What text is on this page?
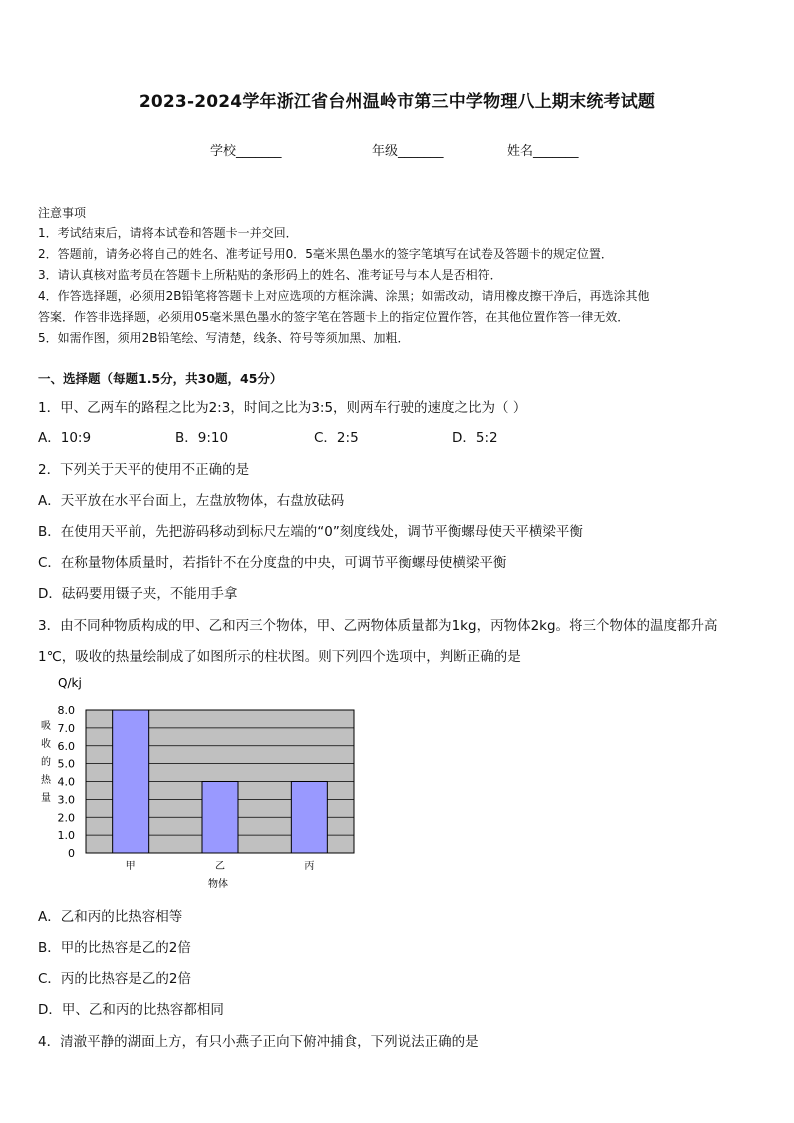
2023-2024学年浙江省台州温岭市第三中学物理八上期末统考试题
学校_______	年级_______	姓名_______
注意事项
1．考试结束后，请将本试卷和答题卡一并交回．
2．答题前，请务必将自己的姓名、准考证号用0．5毫米黑色墨水的签字笔填写在试卷及答题卡的规定位置．
3．请认真核对监考员在答题卡上所粘贴的条形码上的姓名、准考证号与本人是否相符．
4．作答选择题，必须用2B铅笔将答题卡上对应选项的方框涂满、涂黑；如需改动，请用橡皮擦干净后，再选涂其他
答案．作答非选择题，必须用05毫米黑色墨水的签字笔在答题卡上的指定位置作答，在其他位置作答一律无效．
5．如需作图，须用2B铅笔绘、写清楚，线条、符号等须加黑、加粗．
一、选择题（每题1.5分，共30题，45分）
1．甲、乙两车的路程之比为2:3，时间之比为3:5，则两车行驶的速度之比为（ ）
A．10:9	B．9:10	C．2:5	D．5:2
2．下列关于天平的使用不正确的是
A．天平放在水平台面上，左盘放物体，右盘放砝码
B．在使用天平前，先把游码移动到标尺左端的“0”刻度线处，调节平衡螺母使天平横梁平衡
C．在称量物体质量时，若指针不在分度盘的中央，可调节平衡螺母使横梁平衡
D．砝码要用镊子夹，不能用手拿
3．由不同种物质构成的甲、乙和丙三个物体，甲、乙两物体质量都为1kg，丙物体2kg。将三个物体的温度都升高
1℃，吸收的热量绘制成了如图所示的柱状图。则下列四个选项中，判断正确的是
0
1.0
2.0
3.0
4.0
5.0
6.0
7.0
8.0
Q/kj
吸
收
的
热
量
甲	乙	丙
物体
A．乙和丙的比热容相等
B．甲的比热容是乙的2倍
C．丙的比热容是乙的2倍
D．甲、乙和丙的比热容都相同
4．清澈平静的湖面上方，有只小燕子正向下俯冲捕食，下列说法正确的是
